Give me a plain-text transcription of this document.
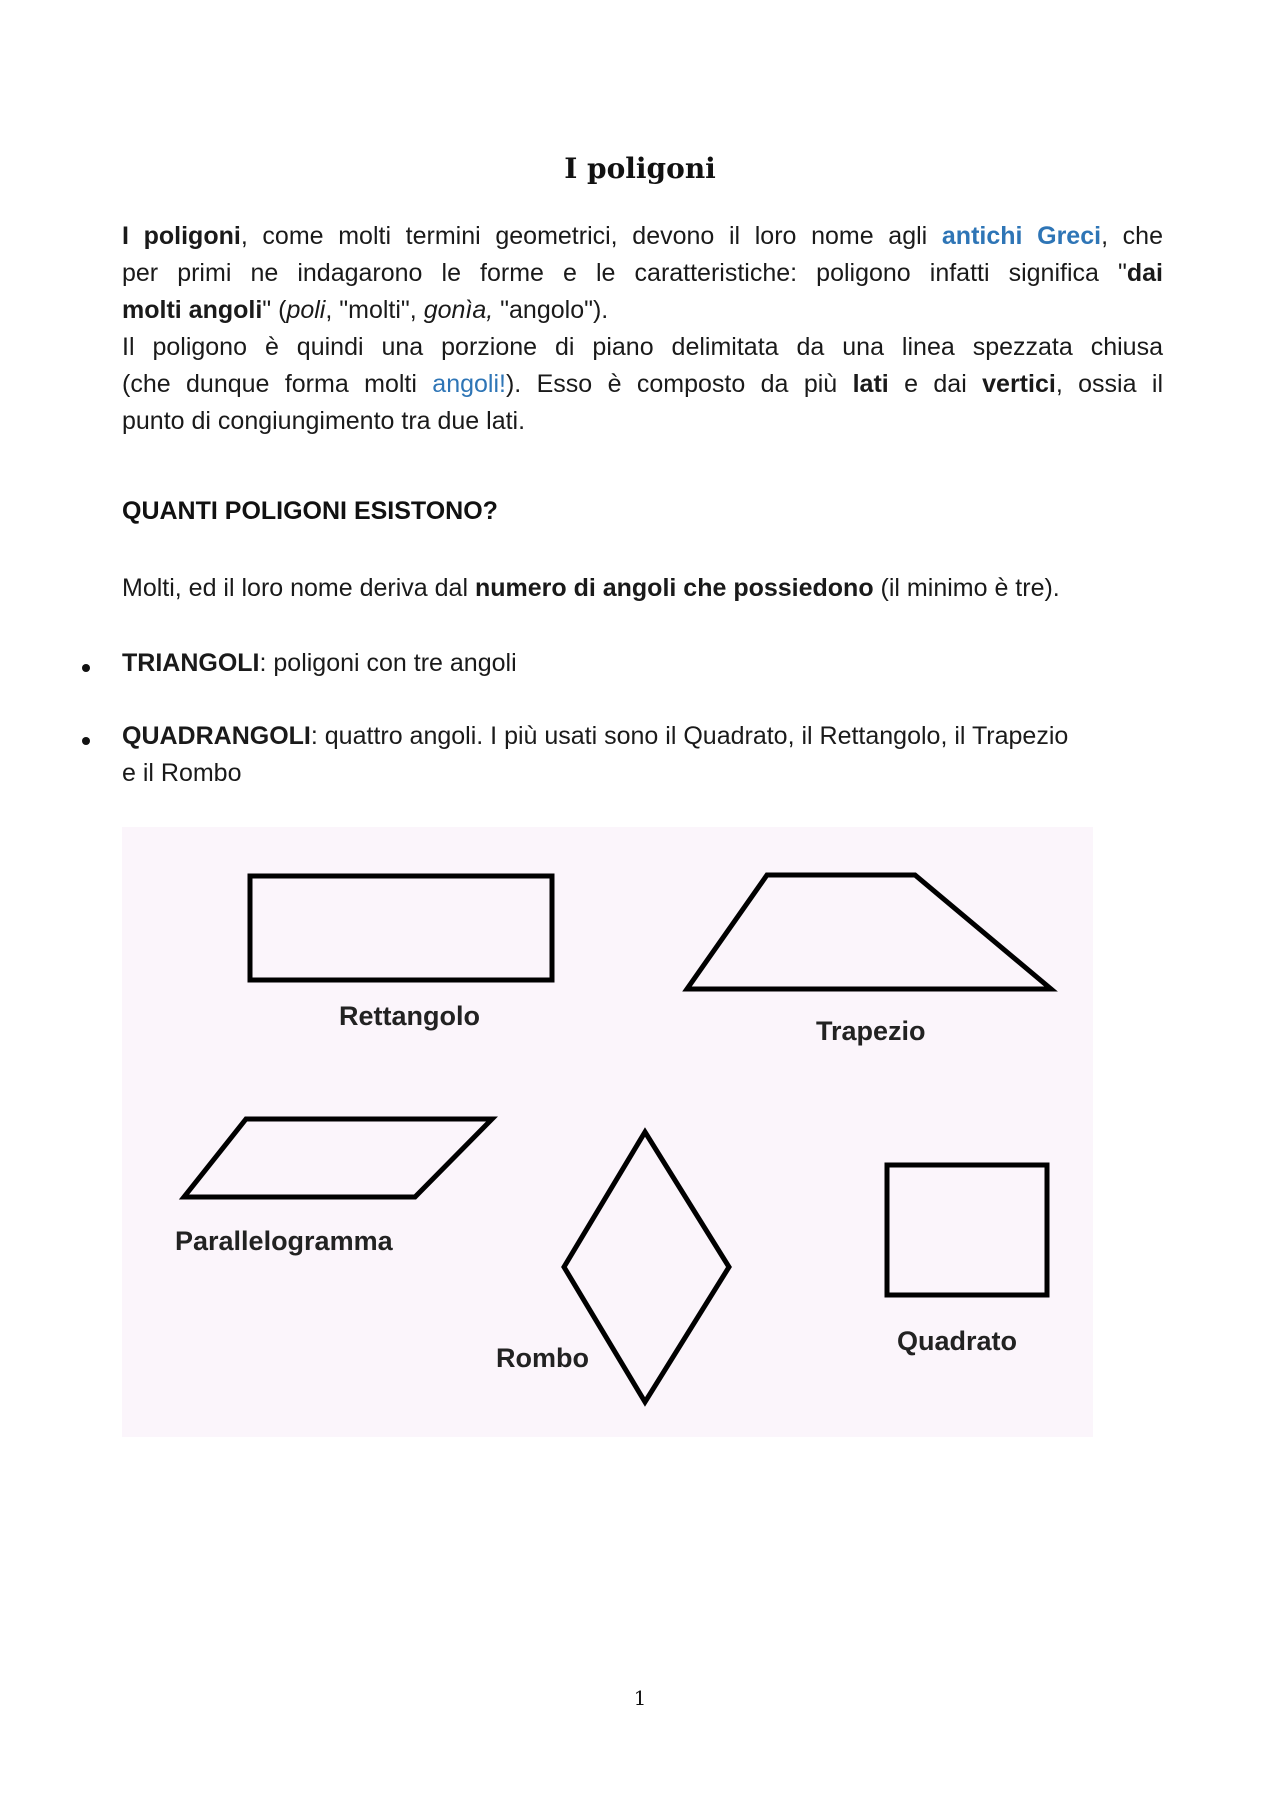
I poligoni
I poligoni, come molti termini geometrici, devono il loro nome agli antichi Greci, che
per primi ne indagarono le forme e le caratteristiche: poligono infatti significa "dai
molti angoli" (poli, "molti", gonìa, "angolo").
Il poligono è quindi una porzione di piano delimitata da una linea spezzata chiusa
(che dunque forma molti angoli!). Esso è composto da più lati e dai vertici, ossia il
punto di congiungimento tra due lati.
QUANTI POLIGONI ESISTONO?
Molti, ed il loro nome deriva dal numero di angoli che possiedono (il minimo è tre).
TRIANGOLI: poligoni con tre angoli
QUADRANGOLI: quattro angoli. I più usati sono il Quadrato, il Rettangolo, il Trapezio
e il Rombo
Rettangolo	Trapezio
Parallelogramma
Rombo
Quadrato
1
